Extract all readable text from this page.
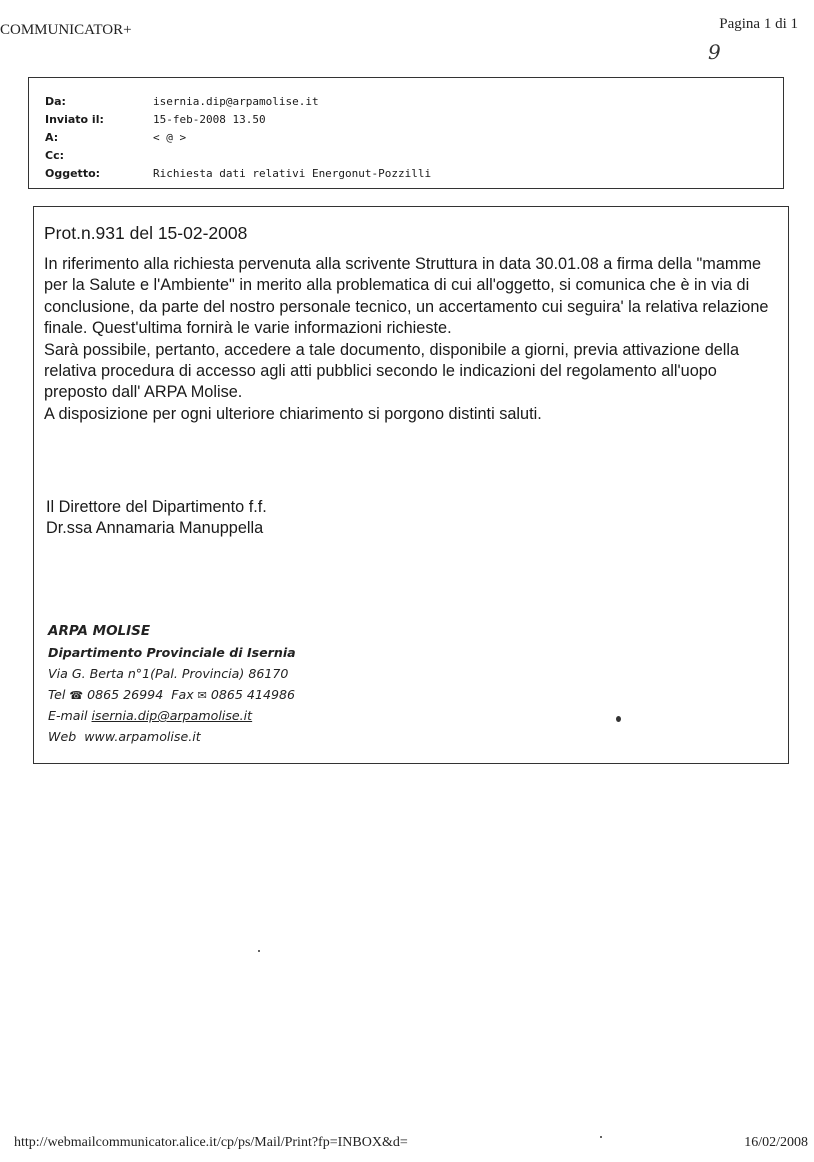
COMMUNICATOR+	Pagina 1 di 1
9
Da:	isernia.dip@arpamolise.it
Inviato il:	15-feb-2008 13.50
A:	< @ >
Cc:
Oggetto:	Richiesta dati relativi Energonut-Pozzilli
Prot.n.931 del 15-02-2008

In riferimento alla richiesta pervenuta alla scrivente Struttura in data 30.01.08 a firma della "mamme per la Salute e l'Ambiente" in merito alla problematica di cui all'oggetto, si comunica che è in via di conclusione, da parte del nostro personale tecnico, un accertamento cui seguira' la relativa relazione finale. Quest'ultima fornirà le varie informazioni richieste.

Sarà possibile, pertanto, accedere a tale documento, disponibile a giorni, previa attivazione della relativa procedura di accesso agli atti pubblici secondo le indicazioni del regolamento all'uopo preposto dall' ARPA Molise.

A disposizione per ogni ulteriore chiarimento si porgono distinti saluti.

Il Direttore del Dipartimento f.f.
Dr.ssa Annamaria Manuppella
ARPA MOLISE
Dipartimento Provinciale di Isernia
Via G. Berta n°1(Pal. Provincia) 86170
Tel ☎ 0865 26994 Fax ✉ 0865 414986
E-mail isernia.dip@arpamolise.it
Web www.arpamolise.it
http://webmailcommunicator.alice.it/cp/ps/Mail/Print?fp=INBOX&d=	16/02/2008
